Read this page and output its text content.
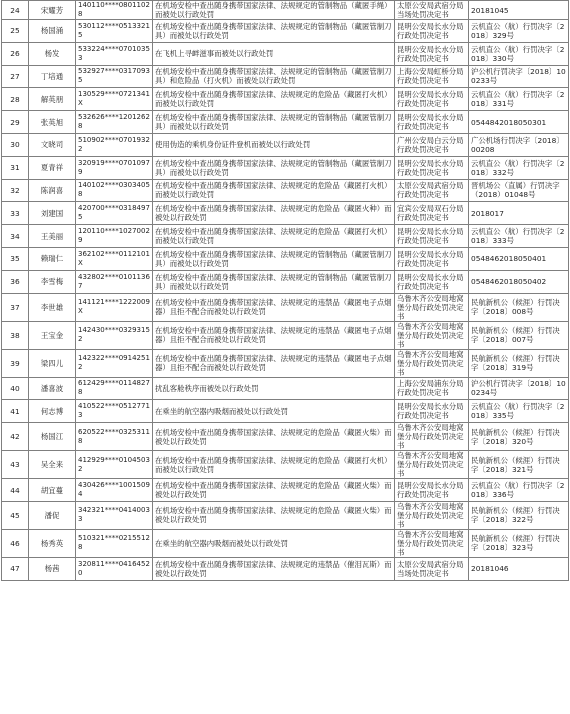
24	宋耀芳	140110****08011028	在机场安检中查出随身携带国家法律、法规规定的管制物品（藏匿手绳）而被处以行政处罚	太原公安局武宿分局当场处罚决定书	20181045
25	杨国涌	530112****05133215	在机场安检中查出随身携带国家法律、法规规定的管制物品（藏匿管制刀具）而被处以行政处罚	昆明公安局长水分局行政处罚决定书	云机直公（航）行罚决字〔2018〕329号
26	杨发	533224****07010353	在飞机上寻衅滋事而被处以行政处罚	昆明公安局长水分局行政处罚决定书	云机直公（航）行罚决字〔2018〕330号
27	丁培通	532927****03170935	在机场安检中查出随身携带国家法律、法规规定的管制物品（藏匿管制刀具）和危险品（打火机）而被处以行政处罚	上海公安局虹桥分局行政处罚决定书	沪公机行罚决字〔2018〕100233号
28	解英朋	130529****0721341X	在机场安检中查出随身携带国家法律、法规规定的危险品（藏匿打火机）而被处以行政处罚	昆明公安局长水分局行政处罚决定书	云机直公（航）行罚决字〔2018〕331号
29	张英旭	532626****12012628	在机场安检中查出随身携带国家法律、法规规定的管制物品（藏匿管制刀具）而被处以行政处罚	昆明公安局长水分局行政处罚决定书	0544842018050301
30	文晓司	510902****07019322	使用伪造的乘机身份证件登机而被处以行政处罚	广州公安局白云分局行政处罚决定书	广公机场行罚决字〔2018〕00208
31	夏青祥	320919****07010979	在机场安检中查出随身携带国家法律、法规规定的管制物品（藏匿管制刀具）而被处以行政处罚	昆明公安局长水分局行政处罚决定书	云机直公（航）行罚决字〔2018〕332号
32	陈润喜	140102****03034058	在机场安检中查出随身携带国家法律、法规规定的危险品（藏匿打火机）而被处以行政处罚	太原公安局武宿分局行政处罚决定书	晋机场公（直属）行罚决字（2018）01048号
33	刘建国	420700****03184975	在机场安检中查出随身携带国家法律、法规规定的危险品（藏匿火种）而被处以行政处罚	宜宾公安局双石分局行政处罚决定书	2018017
34	王美丽	120110****10270029	在机场安检中查出随身携带国家法律、法规规定的危险品（藏匿打火机）而被处以行政处罚	昆明公安局长水分局行政处罚决定书	云机直公（航）行罚决字〔2018〕333号
35	赖瑞仁	362102****0112101X	在机场安检中查出随身携带国家法律、法规规定的管制物品（藏匿管制刀具）而被处以行政处罚	昆明公安局长水分局行政处罚决定书	0548462018050401
36	李雪梅	432802****01011367	在机场安检中查出随身携带国家法律、法规规定的管制物品（藏匿管制刀具）而被处以行政处罚	昆明公安局长水分局行政处罚决定书	0548462018050402
37	李世雄	141121****1222009X	在机场安检中查出随身携带国家法律、法规规定的违禁品（藏匿电子点烟器）且拒不配合而被处以行政处罚	乌鲁木齐公安局地窝堡分局行政处罚决定书	民航新机公（候涯）行罚决字〔2018〕008号
38	王宝金	142430****03293152	在机场安检中查出随身携带国家法律、法规规定的违禁品（藏匿电子点烟器）且拒不配合而被处以行政处罚	乌鲁木齐公安局地窝堡分局行政处罚决定书	民航新机公（候涯）行罚决字〔2018〕007号
39	梁四儿	142322****09142512	在机场安检中查出随身携带国家法律、法规规定的违禁品（藏匿电子点烟器）且拒不配合而被处以行政处罚	乌鲁木齐公安局地窝堡分局行政处罚决定书	民航新机公（候涯）行罚决字〔2018〕319号
40	潘喜波	612429****01148278	扰乱客舱秩序而被处以行政处罚	上海公安局浦东分局行政处罚决定书	沪公机行罚决字〔2018〕100234号
41	何志博	410522****05127713	在乘坐的航空器内吸烟而被处以行政处罚	昆明公安局长水分局行政处罚决定书	云机直公（航）行罚决字〔2018〕335号
42	杨国江	620522****03253118	在机场安检中查出随身携带国家法律、法规规定的危险品（藏匿火柴）而被处以行政处罚	乌鲁木齐公安局地窝堡分局行政处罚决定书	民航新机公（候涯）行罚决字〔2018〕320号
43	吴全来	412929****01045032	在机场安检中查出随身携带国家法律、法规规定的危险品（藏匿打火机）而被处以行政处罚	乌鲁木齐公安局地窝堡分局行政处罚决定书	民航新机公（候涯）行罚决字〔2018〕321号
44	胡宜蔓	430426****10015094	在机场安检中查出随身携带国家法律、法规规定的危险品（藏匿火柴）而被处以行政处罚	昆明公安局长水分局行政处罚决定书	云机直公（航）行罚决字〔2018〕336号
45	潘促	342321****04140033	在机场安检中查出随身携带国家法律、法规规定的危险品（藏匿火柴）而被处以行政处罚	乌鲁木齐公安局地窝堡分局行政处罚决定书	民航新机公（候涯）行罚决字〔2018〕322号
46	杨秀英	510321****02155128	在乘坐的航空器内吸烟而被处以行政处罚	乌鲁木齐公安局地窝堡分局行政处罚决定书	民航新机公（候涯）行罚决字〔2018〕323号
47	杨茜	320811****04164520	在机场安检中查出随身携带国家法律、法规规定的违禁品（催泪瓦斯）而被处以行政处罚	太原公安局武宿分局当场处罚决定书	20181046
